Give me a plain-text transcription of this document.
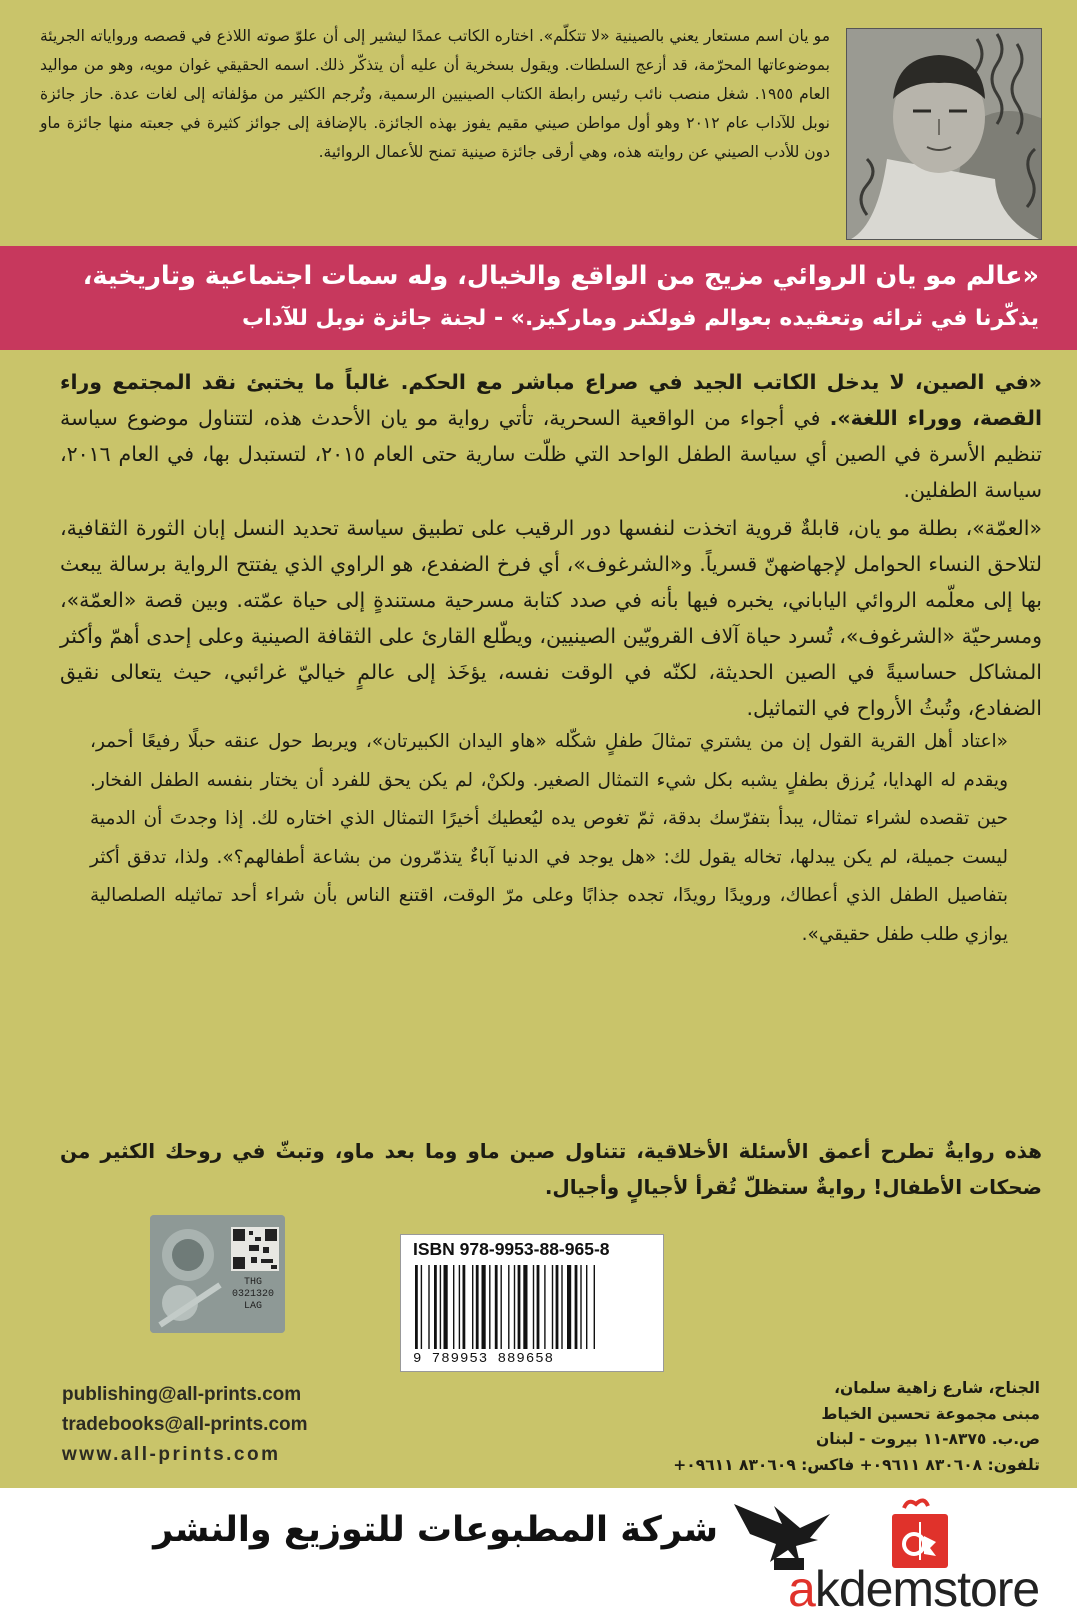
مو يان اسم مستعار يعني بالصينية «لا تتكلّم». اختاره الكاتب عمدًا ليشير إلى أن علوّ صوته اللاذع في قصصه ورواياته الجريئة بموضوعاتها المحرّمة، قد أزعج السلطات. ويقول بسخرية أن عليه أن يتذكّر ذلك. اسمه الحقيقي غوان مويه، وهو من مواليد العام ١٩٥٥. شغل منصب نائب رئيس رابطة الكتاب الصينيين الرسمية، وتُرجم الكثير من مؤلفاته إلى لغات عدة. حاز جائزة نوبل للآداب عام ٢٠١٢ وهو أول مواطن صيني مقيم يفوز بهذه الجائزة. بالإضافة إلى جوائز كثيرة في جعبته منها جائزة ماو دون للأدب الصيني عن روايته هذه، وهي أرقى جائزة صينية تمنح للأعمال الروائية.

«عالم مو يان الروائي مزيج من الواقع والخيال، وله سمات اجتماعية وتاريخية،
يذكّرنا في ثرائه وتعقيده بعوالم فولكنر وماركيز.» - لجنة جائزة نوبل للآداب

«في الصين، لا يدخل الكاتب الجيد في صراع مباشر مع الحكم. غالباً ما يختبئ نقد المجتمع وراء القصة، ووراء اللغة». في أجواء من الواقعية السحرية، تأتي رواية مو يان الأحدث هذه، لتتناول موضوع سياسة تنظيم الأسرة في الصين أي سياسة الطفل الواحد التي ظلّت سارية حتى العام ٢٠١٥، لتستبدل بها، في العام ٢٠١٦، سياسة الطفلين.

«العمّة»، بطلة مو يان، قابلةٌ قروية اتخذت لنفسها دور الرقيب على تطبيق سياسة تحديد النسل إبان الثورة الثقافية، لتلاحق النساء الحوامل لإجهاضهنّ قسرياً. و«الشرغوف»، أي فرخ الضفدع، هو الراوي الذي يفتتح الرواية برسالة يبعث بها إلى معلّمه الروائي الياباني، يخبره فيها بأنه في صدد كتابة مسرحية مستندةٍ إلى حياة عمّته. وبين قصة «العمّة»، ومسرحيّة «الشرغوف»، تُسرد حياة آلاف القرويّين الصينيين، ويطّلع القارئ على الثقافة الصينية وعلى إحدى أهمّ وأكثر المشاكل حساسيةً في الصين الحديثة، لكنّه في الوقت نفسه، يؤخَذ إلى عالمٍ خياليّ غرائبي، حيث يتعالى نقيق الضفادع، وتُبثُ الأرواح في التماثيل.

«اعتاد أهل القرية القول إن من يشتري تمثالَ طفلٍ شكّله «هاو اليدان الكبيرتان»، ويربط حول عنقه حبلًا رفيعًا أحمر، ويقدم له الهدايا، يُرزق بطفلٍ يشبه بكل شيء التمثال الصغير. ولكنْ، لم يكن يحق للفرد أن يختار بنفسه الطفل الفخار. حين تقصده لشراء تمثال، يبدأ بتفرّسك بدقة، ثمّ تغوص يده ليُعطيك أخيرًا التمثال الذي اختاره لك. إذا وجدتَ أن الدمية ليست جميلة، لم يكن يبدلها، تخاله يقول لك: «هل يوجد في الدنيا آباءٌ يتذمّرون من بشاعة أطفالهم؟». ولذا، تدقق أكثر بتفاصيل الطفل الذي أعطاك، ورويدًا رويدًا، تجده جذابًا وعلى مرّ الوقت، اقتنع الناس بأن شراء أحد تماثيله الصلصالية يوازي طلب طفل حقيقي».

هذه روايةٌ تطرح أعمق الأسئلة الأخلاقية، تتناول صين ماو وما بعد ماو، وتبثّ في روحك الكثير من ضحكات الأطفال! روايةٌ ستظلّ تُقرأ لأجيالٍ وأجيال.

THG
0321320
LAG
ISBN 978-9953-88-965-8
9 789953 889658
publishing@all-prints.com
tradebooks@all-prints.com
www.all-prints.com
الجناح، شارع زاهية سلمان،
مبنى مجموعة تحسين الخياط
ص.ب. ٨٣٧٥-١١ بيروت - لبنان
تلفون: ٨٣٠٦٠٨ ٠٩٦١١+ فاكس: ٨٣٠٦٠٩ ٠٩٦١١+
شركة المطبوعات للتوزيع والنشر
akdemstore
